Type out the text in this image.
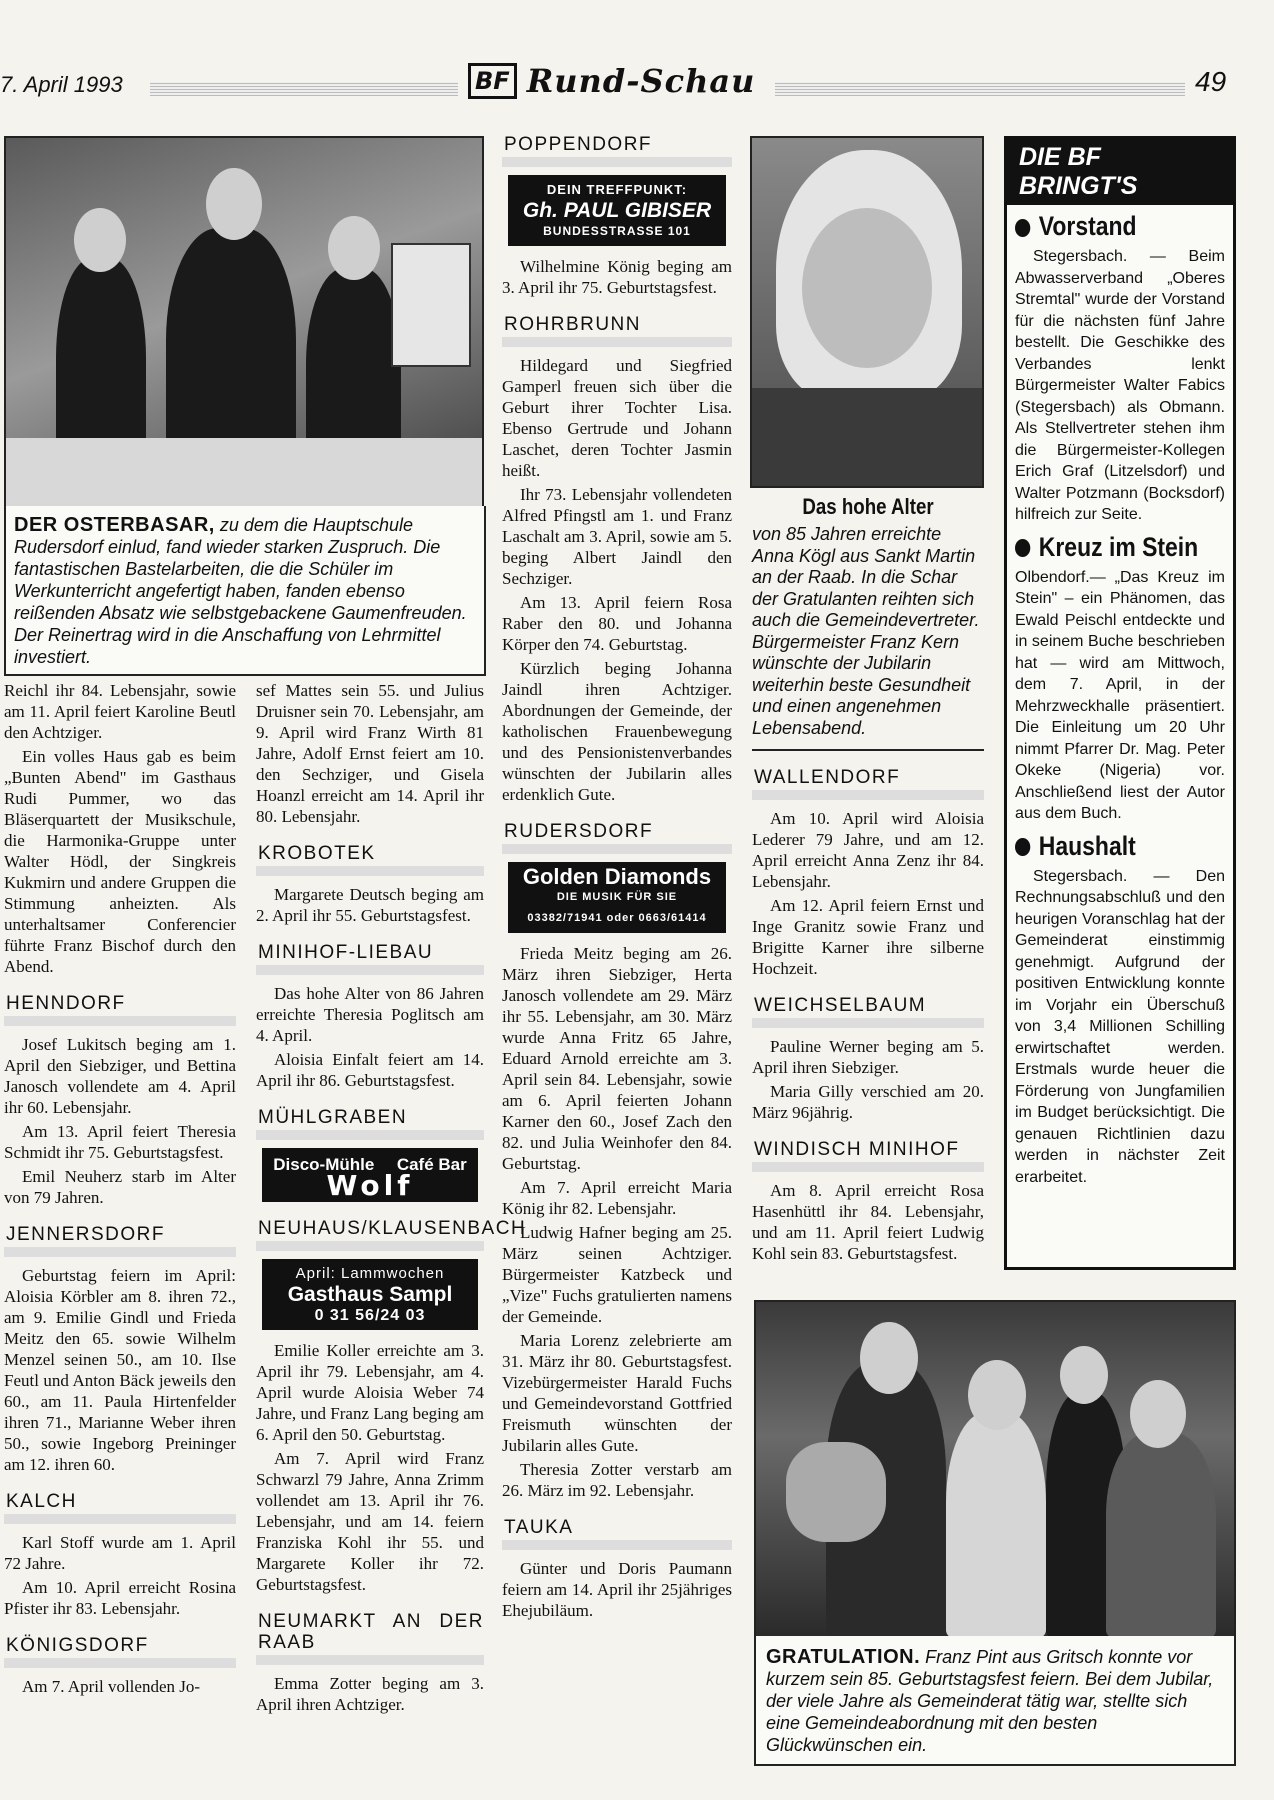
7. April 1993	BF Rund-Schau	49
DER OSTERBASAR, zu dem die Hauptschule Rudersdorf einlud, fand wieder starken Zuspruch. Die fantastischen Bastelarbeiten, die die Schüler im Werkunterricht angefertigt haben, fanden ebenso reißenden Absatz wie selbstgebackene Gaumenfreuden. Der Reinertrag wird in die Anschaffung von Lehrmittel investiert.

Reichl ihr 84. Lebensjahr, sowie am 11. April feiert Karoline Beutl den Achtziger.

Ein volles Haus gab es beim „Bunten Abend" im Gasthaus Rudi Pummer, wo das Bläserquartett der Musikschule, die Harmonika-Gruppe unter Walter Hödl, der Singkreis Kukmirn und andere Gruppen die Stimmung anheizten. Als unterhaltsamer Conferencier führte Franz Bischof durch den Abend.

HENNDORF

Josef Lukitsch beging am 1. April den Siebziger, und Bettina Janosch vollendete am 4. April ihr 60. Lebensjahr.

Am 13. April feiert Theresia Schmidt ihr 75. Geburtstagsfest.

Emil Neuherz starb im Alter von 79 Jahren.

JENNERSDORF

Geburtstag feiern im April: Aloisia Körbler am 8. ihren 72., am 9. Emilie Gindl und Frieda Meitz den 65. sowie Wilhelm Menzel seinen 50., am 10. Ilse Feutl und Anton Bäck jeweils den 60., am 11. Paula Hirtenfelder ihren 71., Marianne Weber ihren 50., sowie Ingeborg Preininger am 12. ihren 60.

KALCH

Karl Stoff wurde am 1. April 72 Jahre.

Am 10. April erreicht Rosina Pfister ihr 83. Lebensjahr.

KÖNIGSDORF

Am 7. April vollenden Jo-

sef Mattes sein 55. und Julius Druisner sein 70. Lebensjahr, am 9. April wird Franz Wirth 81 Jahre, Adolf Ernst feiert am 10. den Sechziger, und Gisela Hoanzl erreicht am 14. April ihr 80. Lebensjahr.

KROBOTEK

Margarete Deutsch beging am 2. April ihr 55. Geburtstagsfest.

MINIHOF-LIEBAU

Das hohe Alter von 86 Jahren erreichte Theresia Poglitsch am 4. April.

Aloisia Einfalt feiert am 14. April ihr 86. Geburtstagsfest.

MÜHLGRABEN
Disco-Mühle Café Bar
Wolf
NEUHAUS/KLAUSENBACH
April: Lammwochen
Gasthaus Sampl
0 31 56/24 03

Emilie Koller erreichte am 3. April ihr 79. Lebensjahr, am 4. April wurde Aloisia Weber 74 Jahre, und Franz Lang beging am 6. April den 50. Geburtstag.

Am 7. April wird Franz Schwarzl 79 Jahre, Anna Zrimm vollendet am 13. April ihr 76. Lebensjahr, und am 14. feiern Franziska Kohl ihr 55. und Margarete Koller ihr 72. Geburtstagsfest.

NEUMARKT AN DER RAAB

Emma Zotter beging am 3. April ihren Achtziger.

POPPENDORF
DEIN TREFFPUNKT:
Gh. PAUL GIBISER
BUNDESSTRASSE 101

Wilhelmine König beging am 3. April ihr 75. Geburtstagsfest.

ROHRBRUNN

Hildegard und Siegfried Gamperl freuen sich über die Geburt ihrer Tochter Lisa. Ebenso Gertrude und Johann Laschet, deren Tochter Jasmin heißt.

Ihr 73. Lebensjahr vollendeten Alfred Pfingstl am 1. und Franz Laschalt am 3. April, sowie am 5. beging Albert Jaindl den Sechziger.

Am 13. April feiern Rosa Raber den 80. und Johanna Körper den 74. Geburtstag.

Kürzlich beging Johanna Jaindl ihren Achtziger. Abordnungen der Gemeinde, der katholischen Frauenbewegung und des Pensionistenverbandes wünschten der Jubilarin alles erdenklich Gute.

RUDERSDORF
Golden Diamonds
DIE MUSIK FÜR SIE
03382/71941 oder 0663/61414

Frieda Meitz beging am 26. März ihren Siebziger, Herta Janosch vollendete am 29. März ihr 55. Lebensjahr, am 30. März wurde Anna Fritz 65 Jahre, Eduard Arnold erreichte am 3. April sein 84. Lebensjahr, sowie am 6. April feierten Johann Karner den 60., Josef Zach den 82. und Julia Weinhofer den 84. Geburtstag.

Am 7. April erreicht Maria König ihr 82. Lebensjahr.

Ludwig Hafner beging am 25. März seinen Achtziger. Bürgermeister Katzbeck und „Vize" Fuchs gratulierten namens der Gemeinde.

Maria Lorenz zelebrierte am 31. März ihr 80. Geburtstagsfest. Vizebürgermeister Harald Fuchs und Gemeindevorstand Gottfried Freismuth wünschten der Jubilarin alles Gute.

Theresia Zotter verstarb am 26. März im 92. Lebensjahr.

TAUKA

Günter und Doris Paumann feiern am 14. April ihr 25jähriges Ehejubiläum.

Das hohe Alter
von 85 Jahren erreichte Anna Kögl aus Sankt Martin an der Raab. In die Schar der Gratulanten reihten sich auch die Gemeindevertreter. Bürgermeister Franz Kern wünschte der Jubilarin weiterhin beste Gesundheit und einen angenehmen Lebensabend.
WALLENDORF

Am 10. April wird Aloisia Lederer 79 Jahre, und am 12. April erreicht Anna Zenz ihr 84. Lebensjahr.

Am 12. April feiern Ernst und Inge Granitz sowie Franz und Brigitte Karner ihre silberne Hochzeit.

WEICHSELBAUM

Pauline Werner beging am 5. April ihren Siebziger.

Maria Gilly verschied am 20. März 96jährig.

WINDISCH MINIHOF

Am 8. April erreicht Rosa Hasenhüttl ihr 84. Lebensjahr, und am 11. April feiert Ludwig Kohl sein 83. Geburtstagsfest.

DIE BF BRINGT'S
Vorstand

Stegersbach. — Beim Abwasserverband „Oberes Stremtal" wurde der Vorstand für die nächsten fünf Jahre bestellt. Die Geschikke des Verbandes lenkt Bürgermeister Walter Fabics (Stegersbach) als Obmann. Als Stellvertreter stehen ihm die Bürgermeister-Kollegen Erich Graf (Litzelsdorf) und Walter Potzmann (Bocksdorf) hilfreich zur Seite.

Kreuz im Stein

Olbendorf.— „Das Kreuz im Stein" – ein Phänomen, das Ewald Peischl entdeckte und in seinem Buche beschrieben hat — wird am Mittwoch, dem 7. April, in der Mehrzweckhalle präsentiert. Die Einleitung um 20 Uhr nimmt Pfarrer Dr. Mag. Peter Okeke (Nigeria) vor. Anschließend liest der Autor aus dem Buch.

Haushalt

Stegersbach. — Den Rechnungsabschluß und den heurigen Voranschlag hat der Gemeinderat einstimmig genehmigt. Aufgrund der positiven Entwicklung konnte im Vorjahr ein Überschuß von 3,4 Millionen Schilling erwirtschaftet werden. Erstmals wurde heuer die Förderung von Jungfamilien im Budget berücksichtigt. Die genauen Richtlinien dazu werden in nächster Zeit erarbeitet.

GRATULATION. Franz Pint aus Gritsch konnte vor kurzem sein 85. Geburtstagsfest feiern. Bei dem Jubilar, der viele Jahre als Gemeinderat tätig war, stellte sich eine Gemeindeabordnung mit den besten Glückwünschen ein.
